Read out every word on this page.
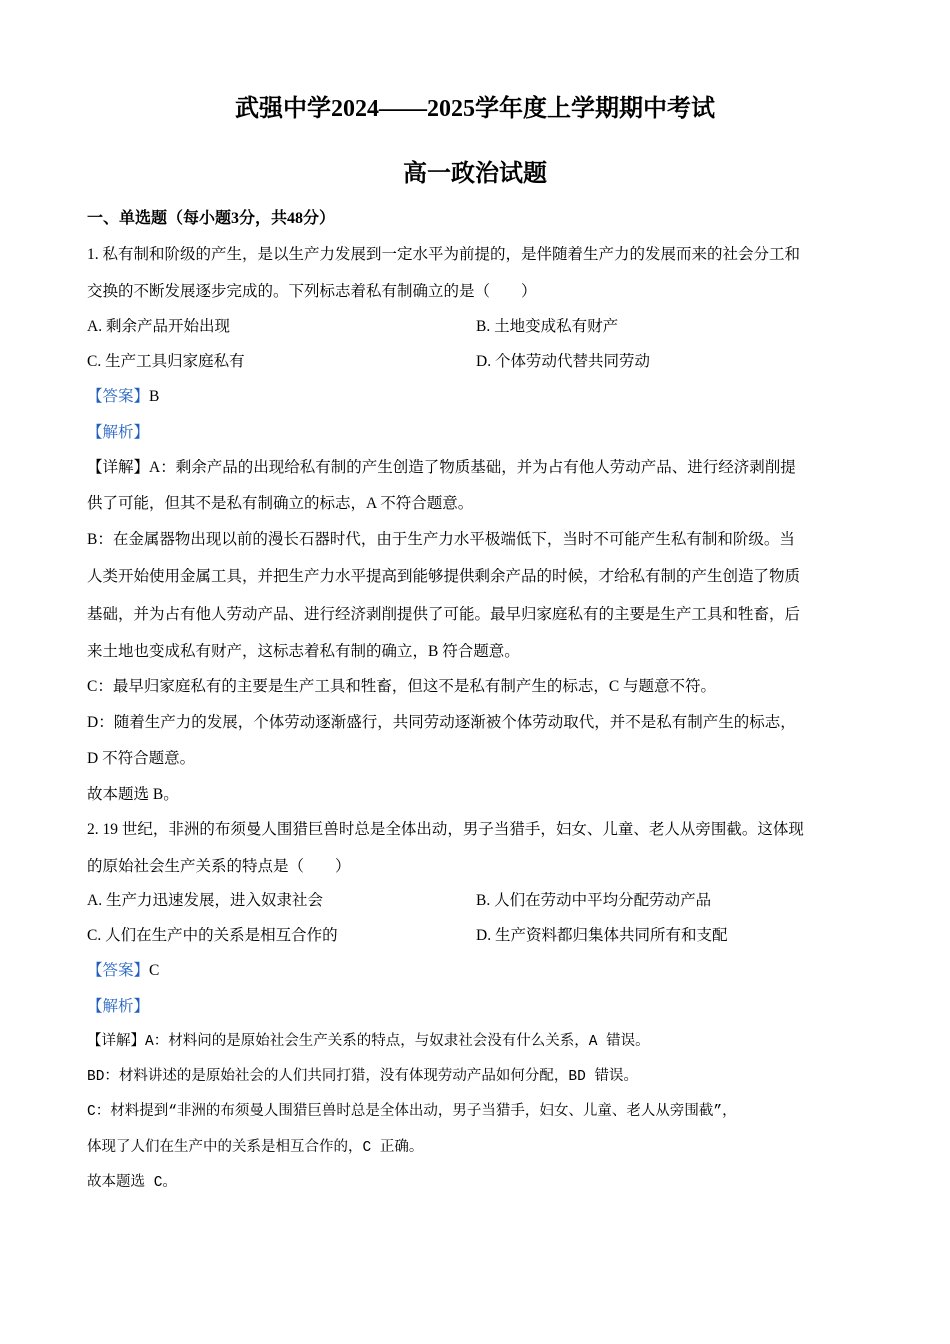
武强中学2024——2025学年度上学期期中考试
高一政治试题
一、单选题（每小题3分，共48分）
1. 私有制和阶级的产生，是以生产力发展到一定水平为前提的，是伴随着生产力的发展而来的社会分工和
交换的不断发展逐步完成的。下列标志着私有制确立的是（　　）
A. 剩余产品开始出现	B. 土地变成私有财产
C. 生产工具归家庭私有	D. 个体劳动代替共同劳动
【答案】B
【解析】
【详解】A：剩余产品的出现给私有制的产生创造了物质基础，并为占有他人劳动产品、进行经济剥削提
供了可能，但其不是私有制确立的标志，A 不符合题意。
B：在金属器物出现以前的漫长石器时代，由于生产力水平极端低下，当时不可能产生私有制和阶级。当
人类开始使用金属工具，并把生产力水平提高到能够提供剩余产品的时候，才给私有制的产生创造了物质
基础，并为占有他人劳动产品、进行经济剥削提供了可能。最早归家庭私有的主要是生产工具和牲畜，后
来土地也变成私有财产，这标志着私有制的确立，B 符合题意。
C：最早归家庭私有的主要是生产工具和牲畜，但这不是私有制产生的标志，C 与题意不符。
D：随着生产力的发展，个体劳动逐渐盛行，共同劳动逐渐被个体劳动取代，并不是私有制产生的标志，
D 不符合题意。
故本题选 B。
2. 19 世纪，非洲的布须曼人围猎巨兽时总是全体出动，男子当猎手，妇女、儿童、老人从旁围截。这体现
的原始社会生产关系的特点是（　　）
A. 生产力迅速发展，进入奴隶社会	B. 人们在劳动中平均分配劳动产品
C. 人们在生产中的关系是相互合作的	D. 生产资料都归集体共同所有和支配
【答案】C
【解析】
【详解】A：材料问的是原始社会生产关系的特点，与奴隶社会没有什么关系，A 错误。
BD：材料讲述的是原始社会的人们共同打猎，没有体现劳动产品如何分配，BD 错误。
C：材料提到“非洲的布须曼人围猎巨兽时总是全体出动，男子当猎手，妇女、儿童、老人从旁围截”，
体现了人们在生产中的关系是相互合作的，C 正确。
故本题选 C。
